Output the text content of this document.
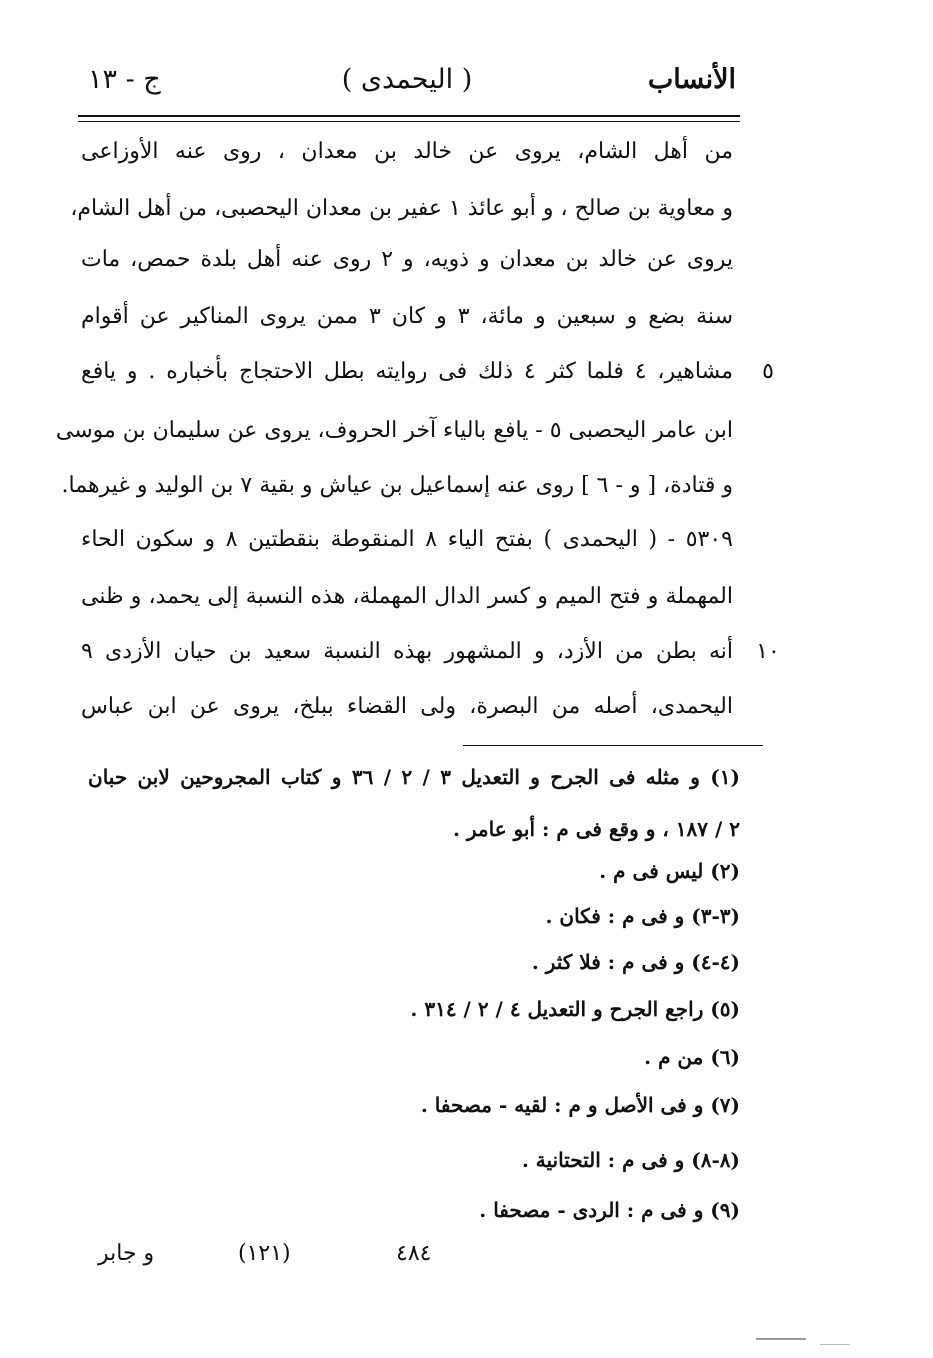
الأنساب
( اليحمدى )
ج - ١٣
من أهل الشام، يروى عن خالد بن معدان ، روى عنه الأوزاعى
و معاوية بن صالح ، و أبو عائذ ١ عفير بن معدان اليحصبى، من أهل الشام،
يروى عن خالد بن معدان و ذويه، و ٢ روى عنه أهل بلدة حمص، مات
سنة بضع و سبعين و مائة، ٣ و كان ٣ ممن يروى المناكير عن أقوام
مشاهير، ٤ فلما كثر ٤ ذلك فى روايته بطل الاحتجاج بأخباره . و يافع	٥
ابن عامر اليحصبى ٥ - يافع بالياء آخر الحروف، يروى عن سليمان بن موسى
و قتادة، [ و - ٦ ] روى عنه إسماعيل بن عياش و بقية ٧ بن الوليد و غيرهما.
٥٣٠٩ - ( اليحمدى ) بفتح الياء ٨ المنقوطة بنقطتين ٨ و سكون الحاء
المهملة و فتح الميم و كسر الدال المهملة، هذه النسبة إلى يحمد، و ظنى
أنه بطن من الأزد، و المشهور بهذه النسبة سعيد بن حيان الأزدى ٩	١٠
اليحمدى، أصله من البصرة، ولى القضاء ببلخ، يروى عن ابن عباس
(١) و مثله فى الجرح و التعديل ٣ / ٢ / ٣٦ و كتاب المجروحين لابن حبان
٢ / ١٨٧ ، و وقع فى م : أبو عامر .
(٢) ليس فى م .
(٣-٣) و فى م : فكان .
(٤-٤) و فى م : فلا كثر .
(٥) راجع الجرح و التعديل ٤ / ٢ / ٣١٤ .
(٦) من م .
(٧) و فى الأصل و م : لقيه - مصحفا .
(٨-٨) و فى م : التحتانية .
(٩) و فى م : الردى - مصحفا .
٤٨٤
(١٢١)
و جابر
